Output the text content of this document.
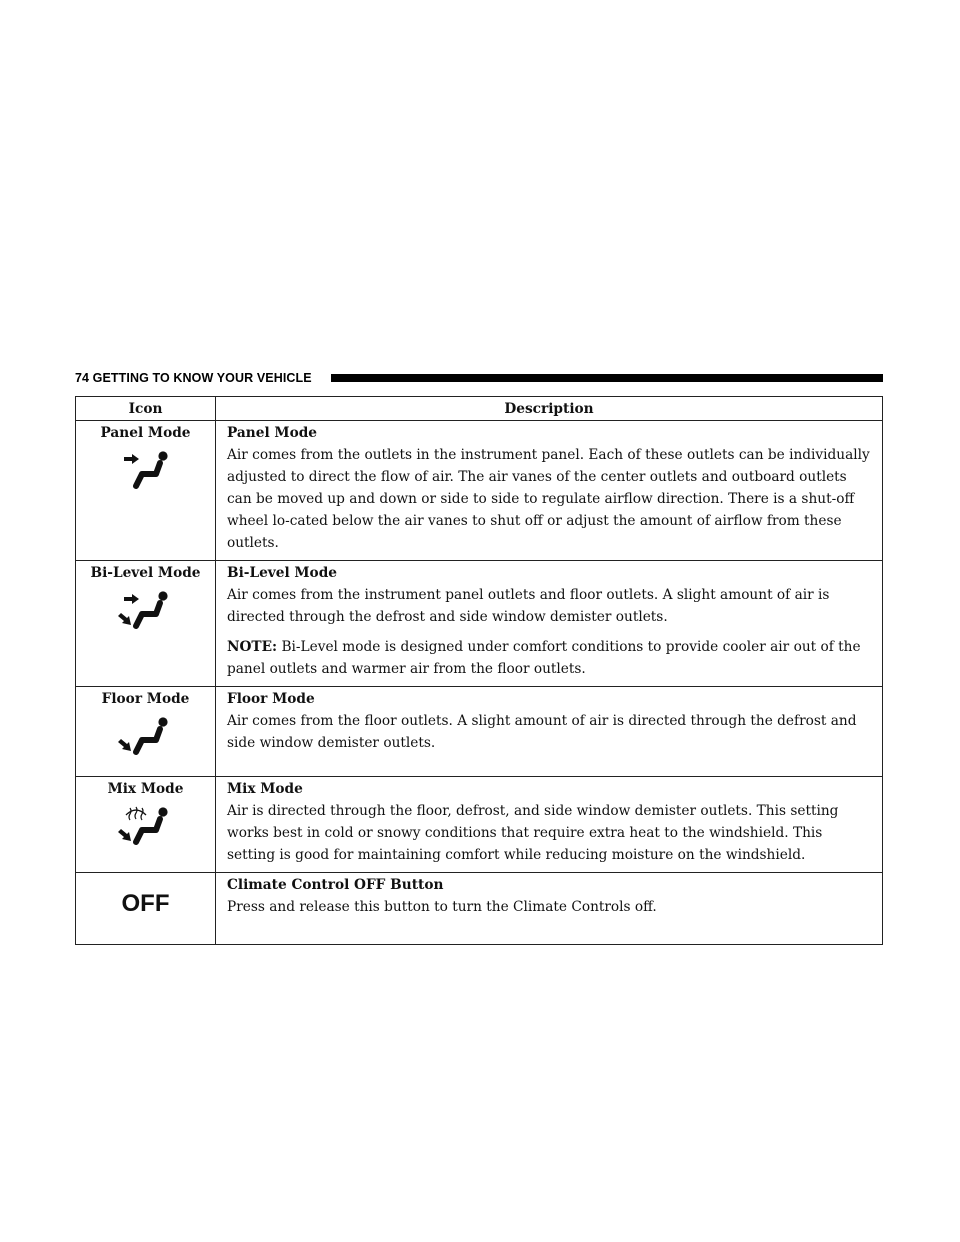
74 GETTING TO KNOW YOUR VEHICLE
Icon	Description

Panel Mode	Panel Mode
Air comes from the outlets in the instrument panel. Each of these outlets can be individually adjusted to direct the flow of air. The air vanes of the center outlets and outboard outlets can be moved up and down or side to side to regulate airflow direction. There is a shut-off wheel lo-cated below the air vanes to shut off or adjust the amount of airflow from these outlets.

Bi-Level Mode	Bi-Level Mode
Air comes from the instrument panel outlets and floor outlets. A slight amount of air is directed through the defrost and side window demister outlets.
NOTE: Bi-Level mode is designed under comfort conditions to provide cooler air out of the panel outlets and warmer air from the floor outlets.

Floor Mode	Floor Mode
Air comes from the floor outlets. A slight amount of air is directed through the defrost and side window demister outlets.

Mix Mode	Mix Mode
Air is directed through the floor, defrost, and side window demister outlets. This setting works best in cold or snowy conditions that require extra heat to the windshield. This setting is good for maintaining comfort while reducing moisture on the windshield.

OFF	Climate Control OFF Button
Press and release this button to turn the Climate Controls off.
